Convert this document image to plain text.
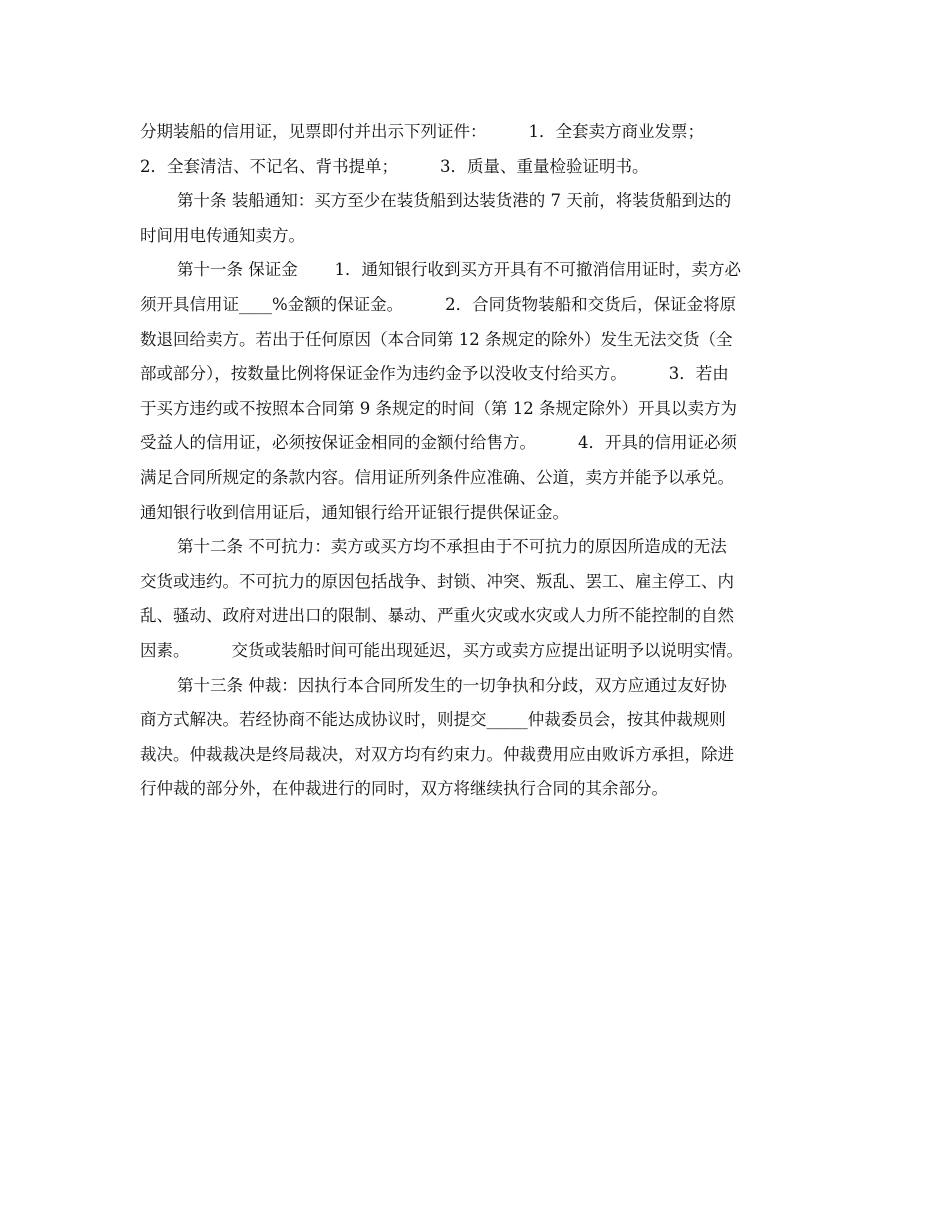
分期装船的信用证，见票即付并出示下列证件：        1．全套卖方商业发票；
2．全套清洁、不记名、背书提单；        3．质量、重量检验证明书。
第十条 装船通知：买方至少在装货船到达装货港的 7 天前，将装货船到达的
时间用电传通知卖方。
第十一条 保证金       1．通知银行收到买方开具有不可撤消信用证时，卖方必
须开具信用证____%金额的保证金。        2．合同货物装船和交货后，保证金将原
数退回给卖方。若出于任何原因（本合同第 12 条规定的除外）发生无法交货（全
部或部分），按数量比例将保证金作为违约金予以没收支付给买方。        3．若由
于买方违约或不按照本合同第 9 条规定的时间（第 12 条规定除外）开具以卖方为
受益人的信用证，必须按保证金相同的金额付给售方。        4．开具的信用证必须
满足合同所规定的条款内容。信用证所列条件应准确、公道，卖方并能予以承兑。
通知银行收到信用证后，通知银行给开证银行提供保证金。
第十二条 不可抗力：卖方或买方均不承担由于不可抗力的原因所造成的无法
交货或违约。不可抗力的原因包括战争、封锁、冲突、叛乱、罢工、雇主停工、内
乱、骚动、政府对进出口的限制、暴动、严重火灾或水灾或人力所不能控制的自然
因素。        交货或装船时间可能出现延迟，买方或卖方应提出证明予以说明实情。
第十三条 仲裁：因执行本合同所发生的一切争执和分歧，双方应通过友好协
商方式解决。若经协商不能达成协议时，则提交_____仲裁委员会，按其仲裁规则
裁决。仲裁裁决是终局裁决，对双方均有约束力。仲裁费用应由败诉方承担，除进
行仲裁的部分外，在仲裁进行的同时，双方将继续执行合同的其余部分。
